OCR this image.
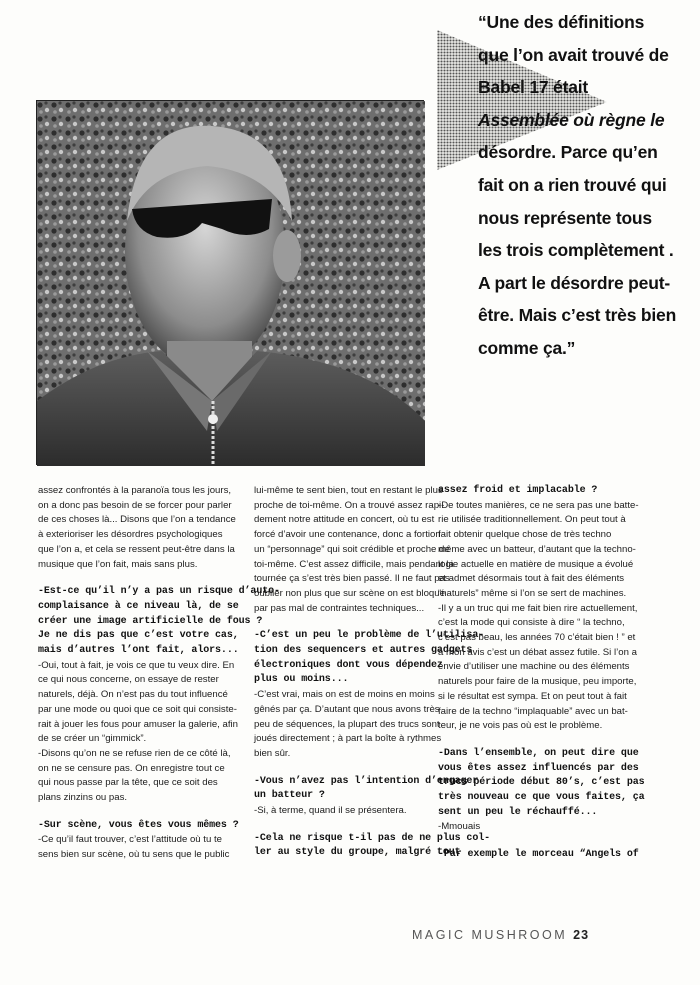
“Une des définitions
que l’on avait trouvé de
Babel 17 était
Assemblée où règne le
désordre. Parce qu’en
fait on a rien trouvé qui
nous représente tous
les trois complètement .
A part le désordre peut-
être. Mais c’est très bien
comme ça.”

assez confrontés à la paranoïa tous les jours,
on a donc pas besoin de se forcer pour parler
de ces choses là... Disons que l’on a tendance
à exterioriser les désordres psychologiques
que l’on a, et cela se ressent peut-être dans la
musique que l’on fait, mais sans plus.

-Est-ce qu’il n’y a pas un risque d’auto-
complaisance à ce niveau là, de se
créer une image artificielle de fous ?
Je ne dis pas que c’est votre cas,
mais d’autres l’ont fait, alors...

-Oui, tout à fait, je vois ce que tu veux dire. En
ce qui nous concerne, on essaye de rester
naturels, déjà. On n’est pas du tout influencé
par une mode ou quoi que ce soit qui consiste-
rait à jouer les fous pour amuser la galerie, afin
de se créer un “gimmick”.
-Disons qu’on ne se refuse rien de ce côté là,
on ne se censure pas. On enregistre tout ce
qui nous passe par la tête, que ce soit des
plans zinzins ou pas.

-Sur scène, vous êtes vous mêmes ?

-Ce qu’il faut trouver, c’est l’attitude où tu te
sens bien sur scène, où tu sens que le public

lui-même te sent bien, tout en restant le plus
proche de toi-même. On a trouvé assez rapi-
dement notre attitude en concert, où tu est
forcé d’avoir une contenance, donc a fortiori
un “personnage” qui soit crédible et proche de
toi-même. C’est assez difficile, mais pendant la
tournée ça s’est très bien passé. Il ne faut pas
oublier non plus que sur scène on est bloqué
par pas mal de contraintes techniques...

-C’est un peu le problème de l’utilisa-
tion des sequencers et autres gadgets
électroniques dont vous dépendez
plus ou moins...

-C’est vrai, mais on est de moins en moins
gênés par ça. D’autant que nous avons très
peu de séquences, la plupart des trucs sont
joués directement ; à part la boîte à rythmes
bien sûr.

-Vous n’avez pas l’intention d’engager
un batteur ?

-Si, à terme, quand il se présentera.

-Cela ne risque t-il pas de ne plus col-
ler au style du groupe, malgré tout

assez froid et implacable ?

-De toutes manières, ce ne sera pas une batte-
rie utilisée traditionnellement. On peut tout à
fait obtenir quelque chose de très techno
même avec un batteur, d’autant que la techno-
logie actuelle en matière de musique a évolué
et admet désormais tout à fait des éléments
“naturels” même si l’on se sert de machines.
-Il y a un truc qui me fait bien rire actuellement,
c’est la mode qui consiste à dire “ la techno,
c’est pas beau, les années 70 c’était bien ! ” et
à mon avis c’est un débat assez futile. Si l’on a
envie d’utiliser une machine ou des éléments
naturels pour faire de la musique, peu importe,
si le résultat est sympa. Et on peut tout à fait
faire de la techno “implaquable” avec un bat-
teur, je ne vois pas où est le problème.

-Dans l’ensemble, on peut dire que
vous êtes assez influencés par des
trucs période début 80’s, c’est pas
très nouveau ce que vous faites, ça
sent un peu le réchauffé...

-Mmouais

-Par exemple le morceau “Angels of

MAGIC MUSHROOM 23
